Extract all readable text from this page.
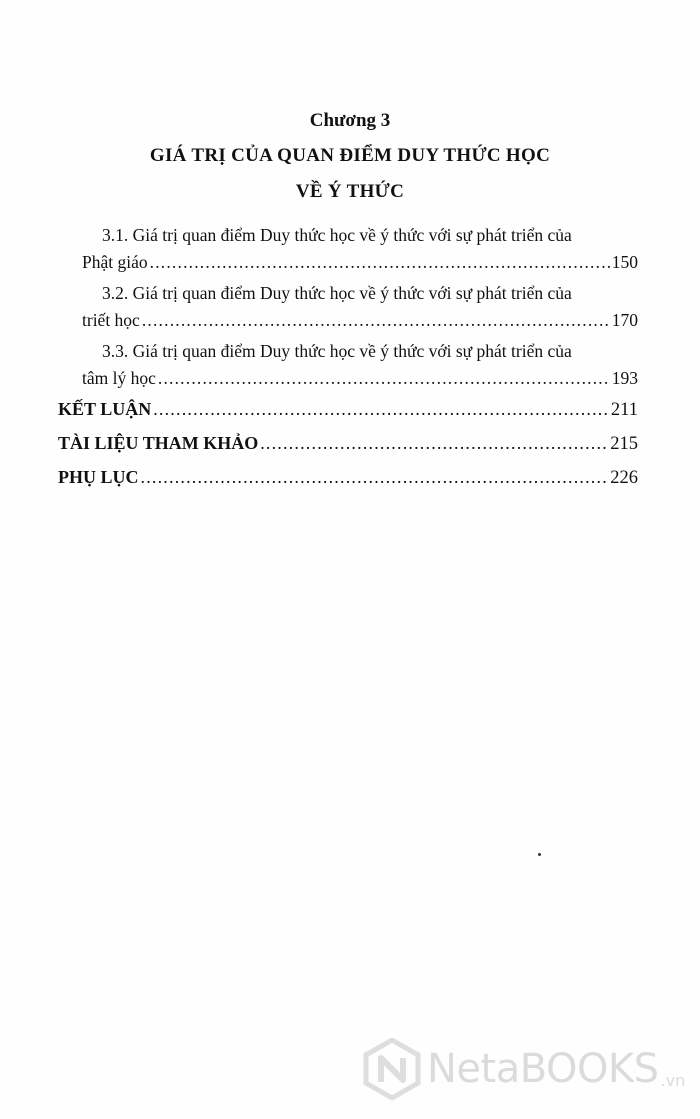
Chương 3
GIÁ TRỊ CỦA QUAN ĐIỂM DUY THỨC HỌC
VỀ Ý THỨC
3.1. Giá trị quan điểm Duy thức học về ý thức với sự phát triển của
Phật giáo .....	150
3.2. Giá trị quan điểm Duy thức học về ý thức với sự phát triển của
triết học .....	170
3.3. Giá trị quan điểm Duy thức học về ý thức với sự phát triển của
tâm lý học .....	193
KẾT LUẬN .....	211
TÀI LIỆU THAM KHẢO .....	215
PHỤ LỤC .....	226
NetaBOOKS .vn
